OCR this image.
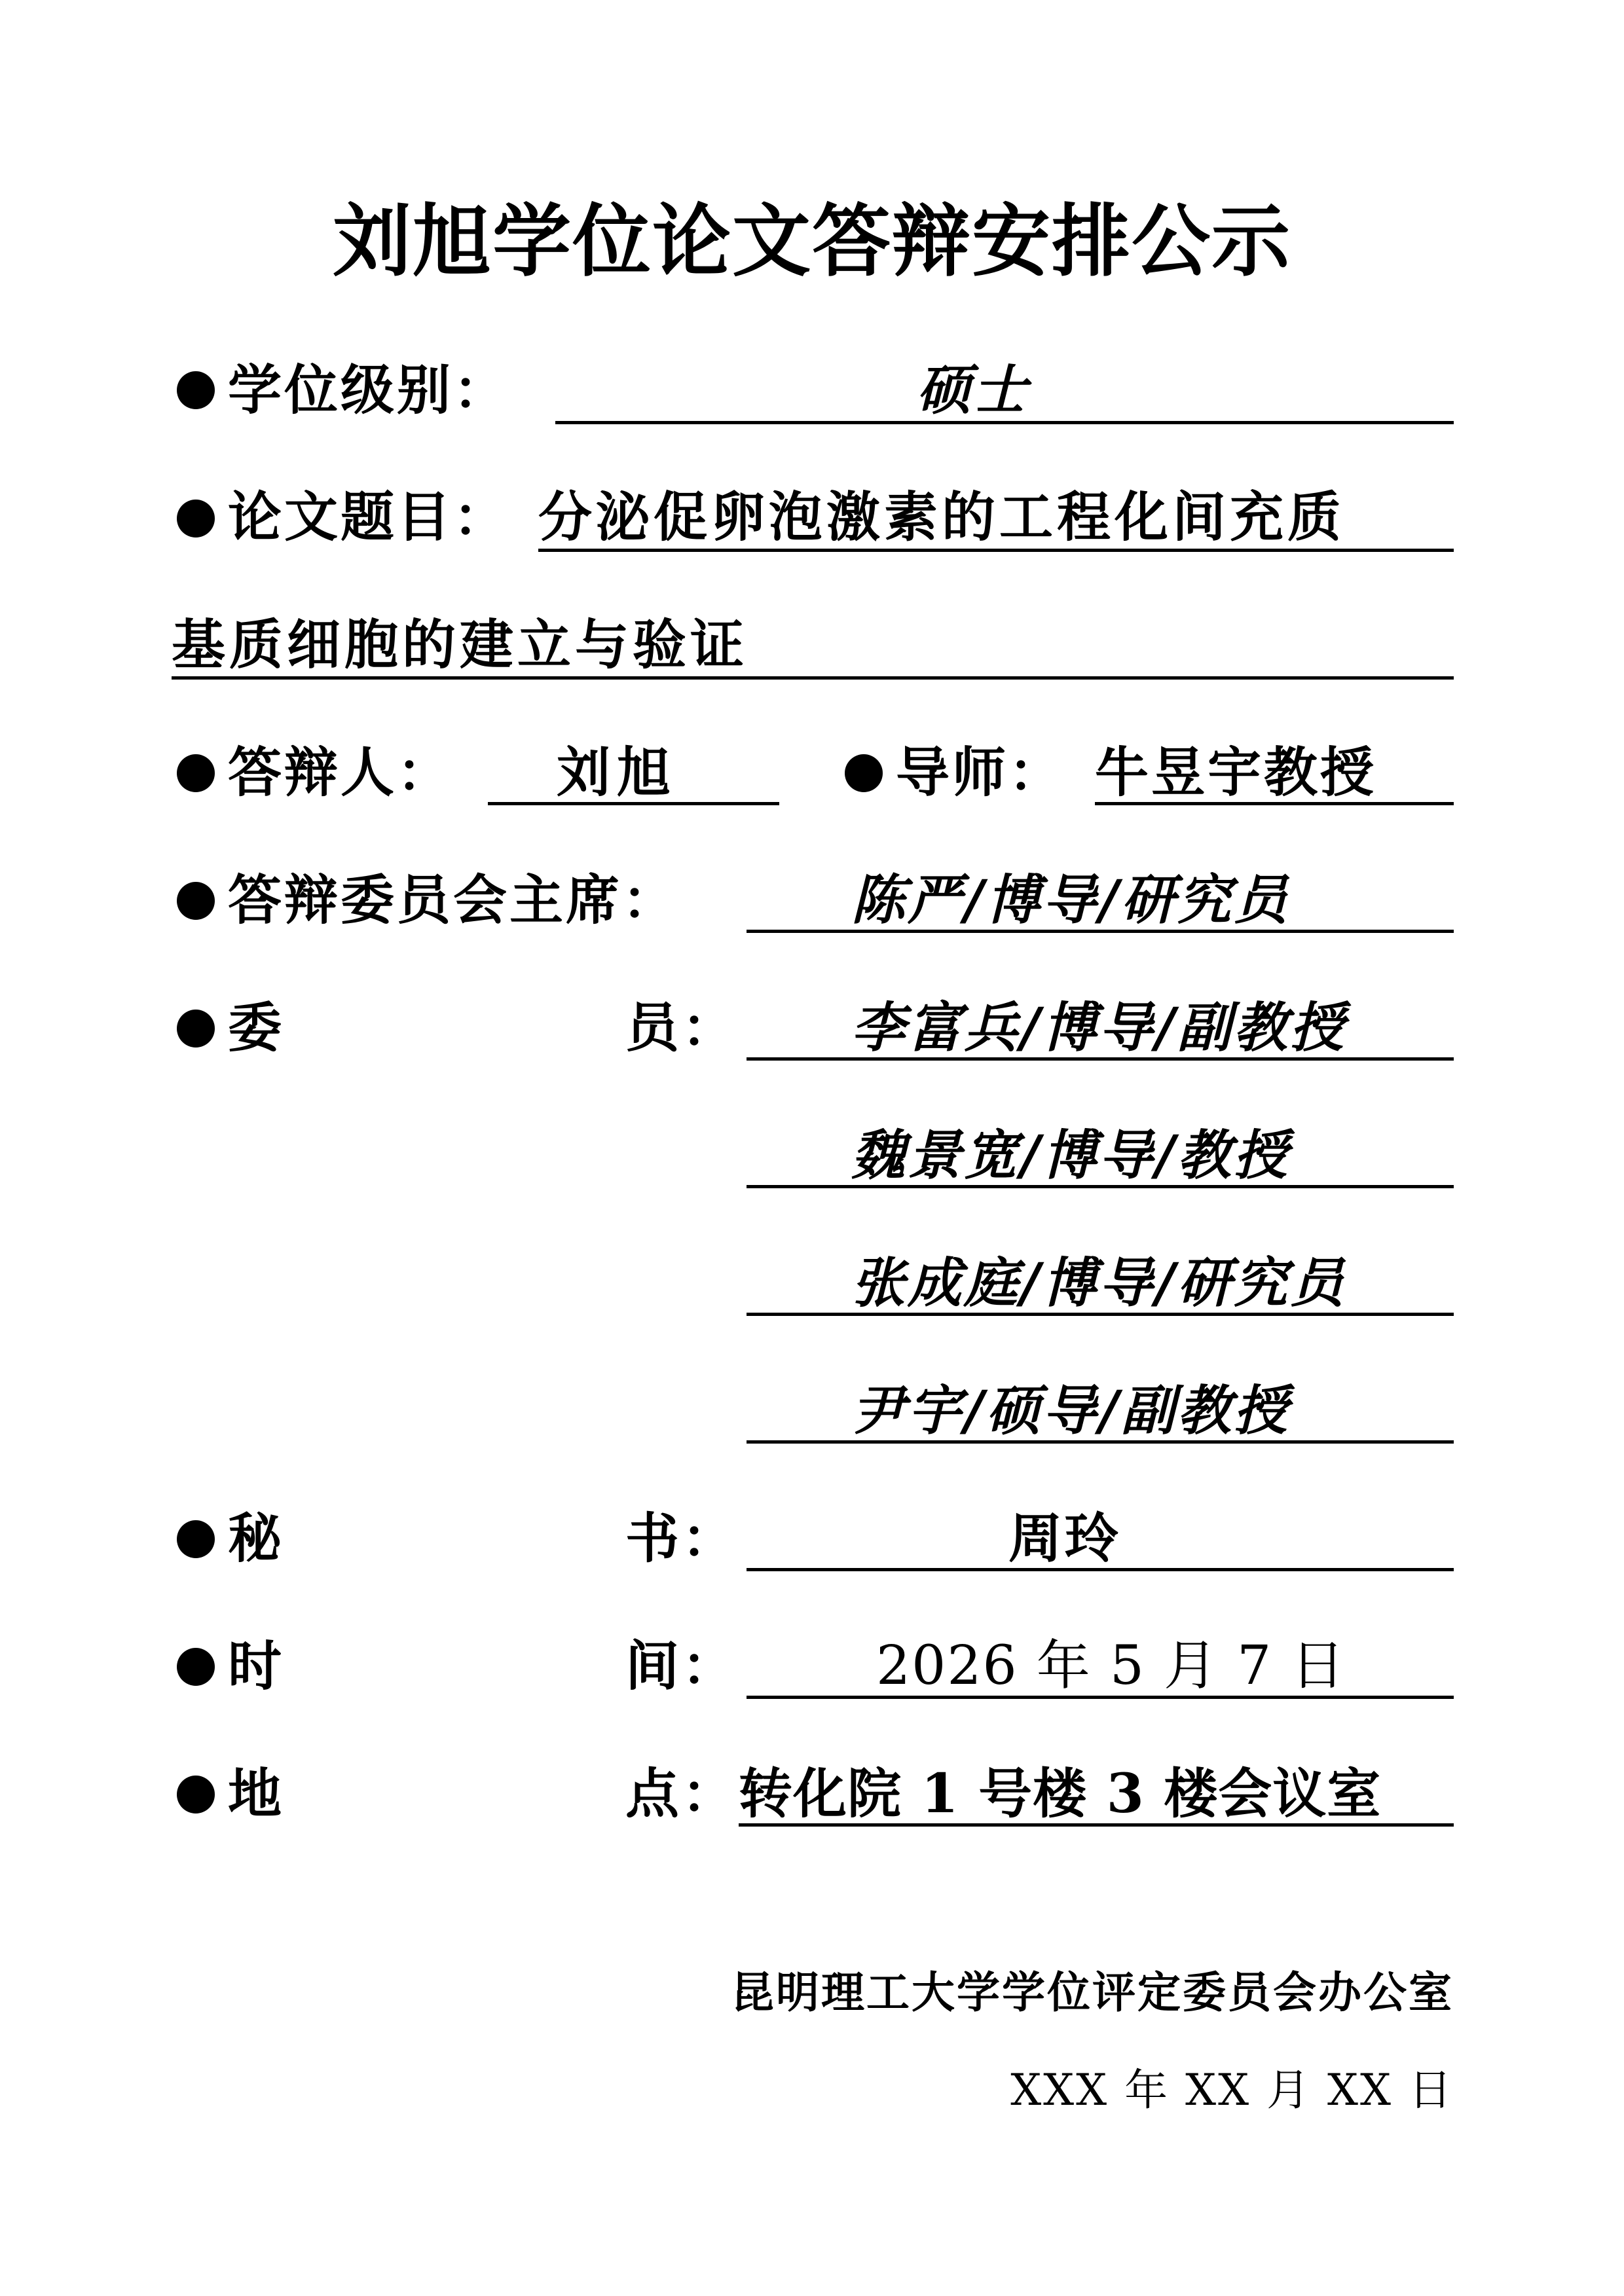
刘旭学位论文答辩安排公示
学位级别：	硕士
论文题目： 分泌促卵泡激素的工程化间充质
基质细胞的建立与验证
答辩人： 刘旭	导师： 牛昱宇教授
答辩委员会主席：	陈严/博导/研究员
委	员： 李富兵/博导/副教授
魏景宽/博导/教授
张成庭/博导/研究员
尹宇/硕导/副教授
秘	书：	周玲
时	间：	2026 年 5 月 7 日
地	点： 转化院 1 号楼 3 楼会议室
昆明理工大学学位评定委员会办公室
XXX 年 XX 月 XX 日
